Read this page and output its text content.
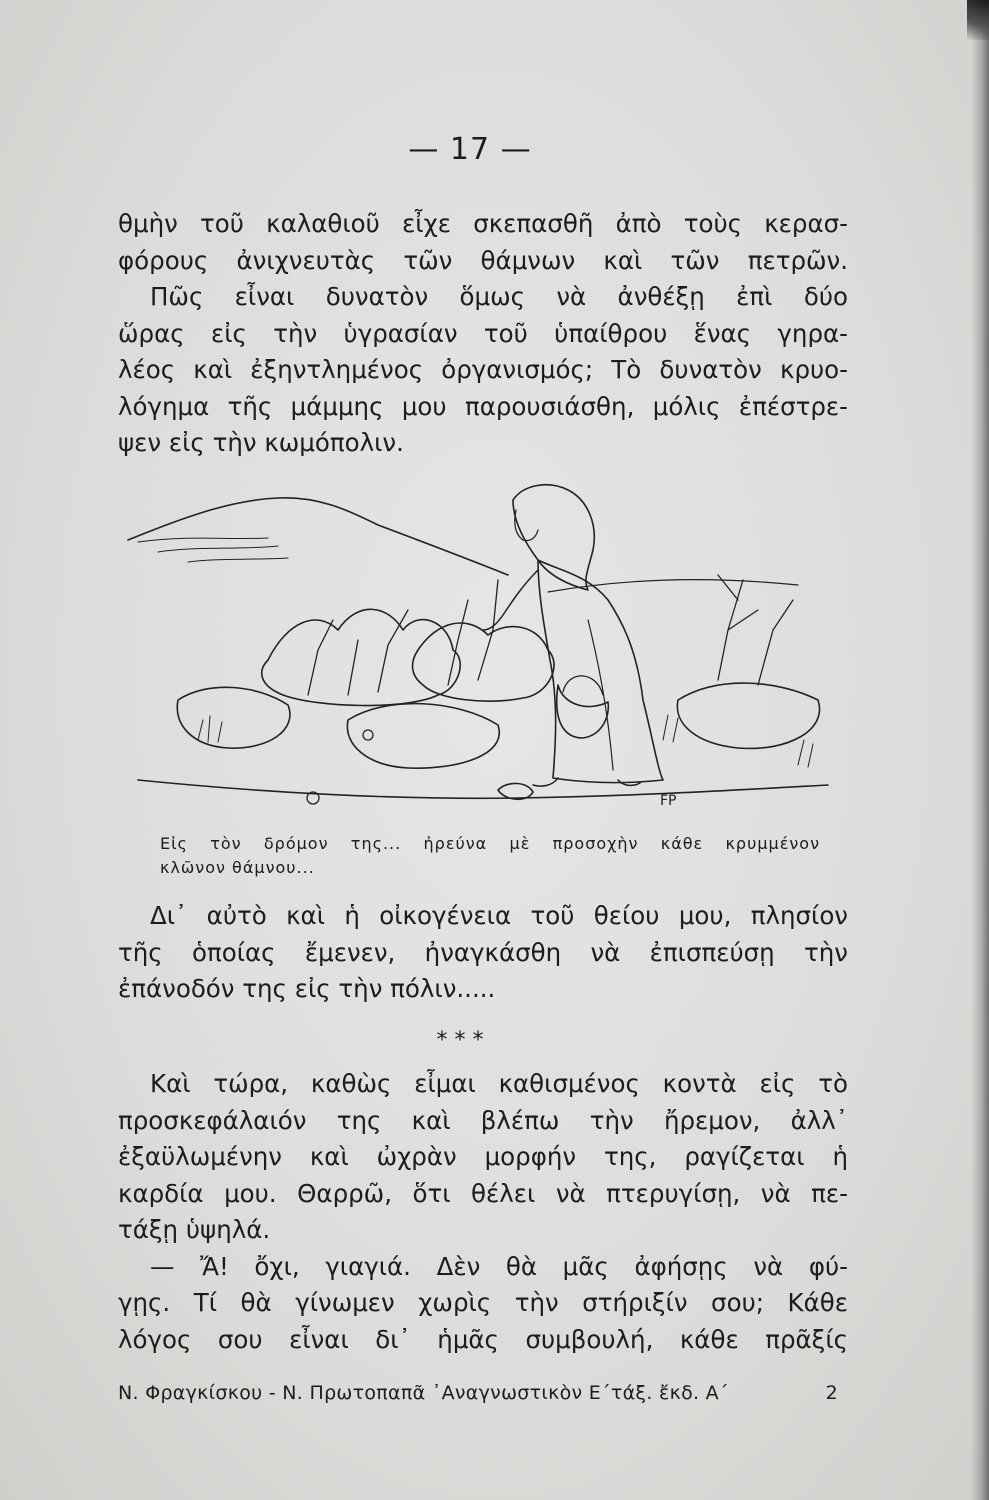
— 17 —
θμὴν τοῦ καλαθιοῦ εἶχε σκεπασθῆ ἀπὸ τοὺς κερασ-
φόρους ἀνιχνευτὰς τῶν θάμνων καὶ τῶν πετρῶν.
Πῶς εἶναι δυνατὸν ὅμως νὰ ἀνθέξῃ ἐπὶ δύο
ὥρας εἰς τὴν ὑγρασίαν τοῦ ὑπαίθρου ἕνας γηρα-
λέος καὶ ἐξηντλημένος ὀργανισμός; Τὸ δυνατὸν κρυο-
λόγημα τῆς μάμμης μου παρουσιάσθη, μόλις ἐπέστρε-
ψεν εἰς τὴν κωμόπολιν.
FP
Εἰς τὸν δρόμον της... ἠρεύνα μὲ προσοχὴν κάθε κρυμμένον
κλῶνον θάμνου...
Δι᾽ αὐτὸ καὶ ἡ οἰκογένεια τοῦ θείου μου, πλησίον
τῆς ὁποίας ἔμενεν, ἠναγκάσθη νὰ ἐπισπεύσῃ τὴν
ἐπάνοδόν της εἰς τὴν πόλιν.....
* * *
Καὶ τώρα, καθὼς εἶμαι καθισμένος κοντὰ εἰς τὸ
προσκεφάλαιόν της καὶ βλέπω τὴν ἤρεμον, ἀλλ᾽
ἐξαϋλωμένην καὶ ὠχρὰν μορφήν της, ραγίζεται ἡ
καρδία μου. Θαρρῶ, ὅτι θέλει νὰ πτερυγίσῃ, νὰ πε-
τάξῃ ὑψηλά.
— Ἄ! ὄχι, γιαγιά. Δὲν θὰ μᾶς ἀφήσῃς νὰ φύ-
γῃς. Τί θὰ γίνωμεν χωρὶς τὴν στήριξίν σου; Κάθε
λόγος σου εἶναι δι᾽ ἡμᾶς συμβουλή, κάθε πρᾶξίς
Ν. Φραγκίσκου - Ν. Πρωτοπαπᾶ ᾿Αναγνωστικὸν Ε΄τάξ. ἔκδ. Α΄	2
